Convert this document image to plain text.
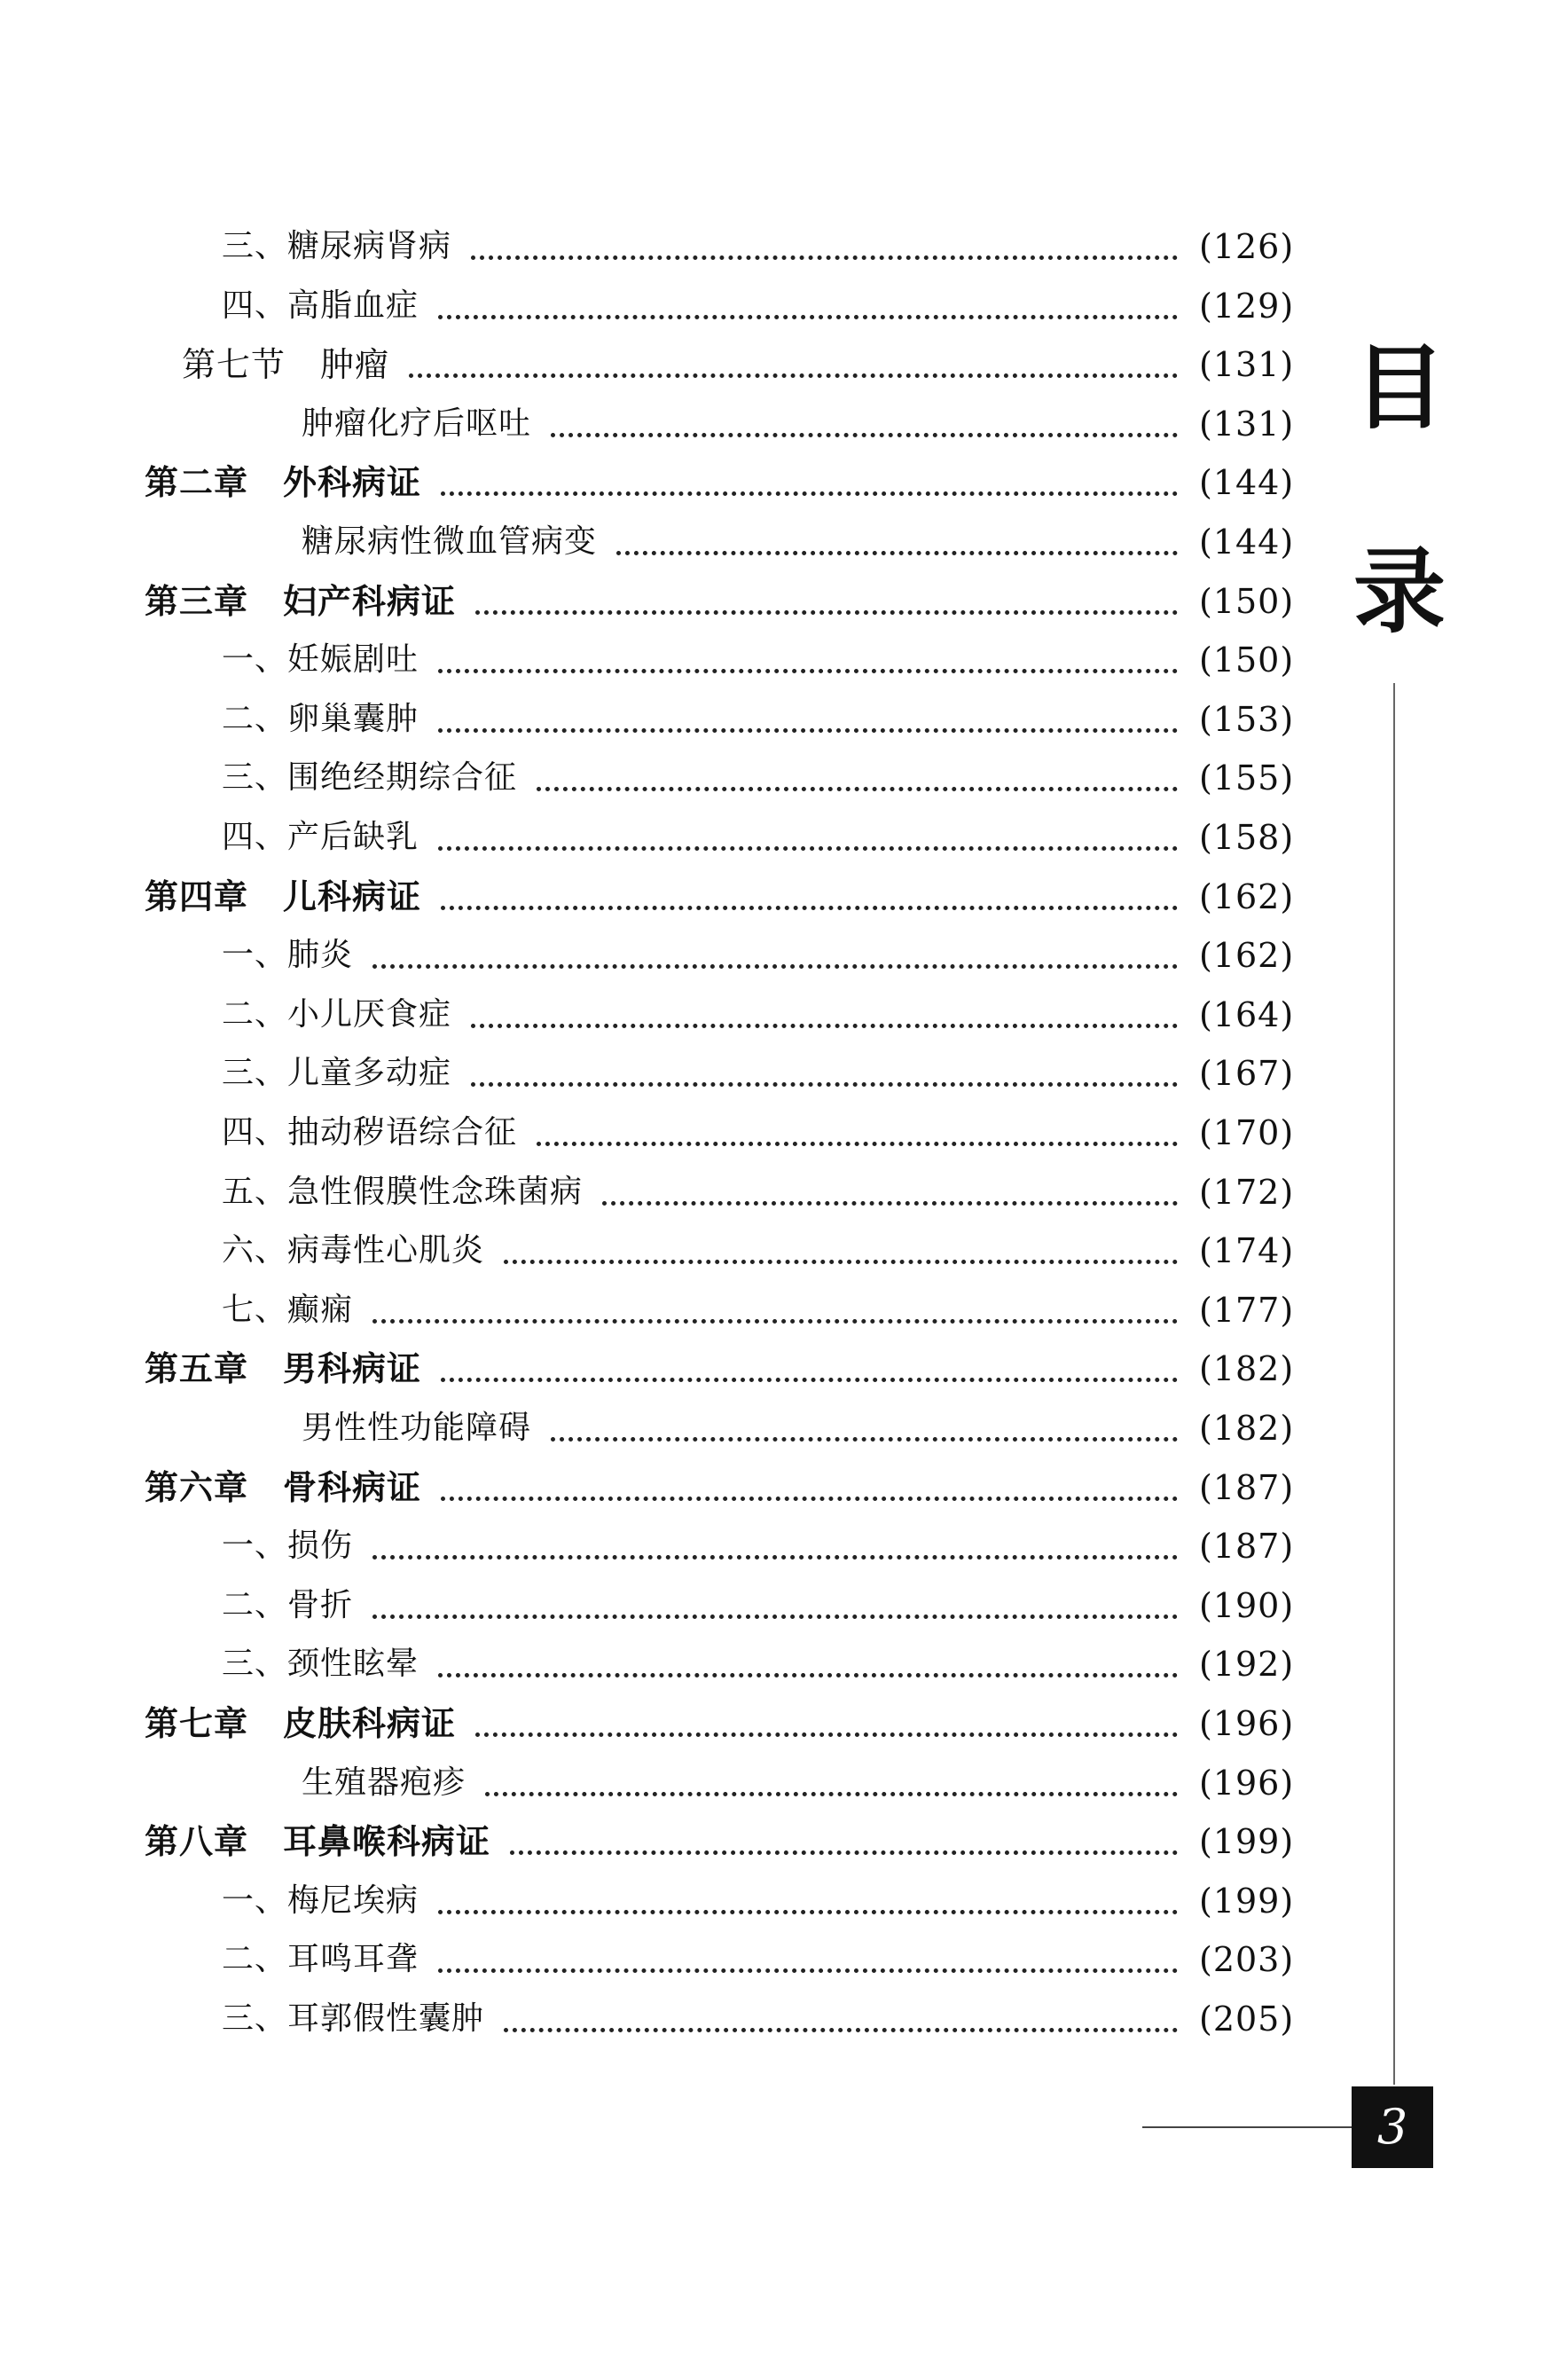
三、糖尿病肾病	(126)
四、高脂血症	(129)
第七节　肿瘤	(131)
肿瘤化疗后呕吐	(131)
第二章　外科病证	(144)
糖尿病性微血管病变	(144)
第三章　妇产科病证	(150)
一、妊娠剧吐	(150)
二、卵巢囊肿	(153)
三、围绝经期综合征	(155)
四、产后缺乳	(158)
第四章　儿科病证	(162)
一、肺炎	(162)
二、小儿厌食症	(164)
三、儿童多动症	(167)
四、抽动秽语综合征	(170)
五、急性假膜性念珠菌病	(172)
六、病毒性心肌炎	(174)
七、癫痫	(177)
第五章　男科病证	(182)
男性性功能障碍	(182)
第六章　骨科病证	(187)
一、损伤	(187)
二、骨折	(190)
三、颈性眩晕	(192)
第七章　皮肤科病证	(196)
生殖器疱疹	(196)
第八章　耳鼻喉科病证	(199)
一、梅尼埃病	(199)
二、耳鸣耳聋	(203)
三、耳郭假性囊肿	(205)
目
录
3
